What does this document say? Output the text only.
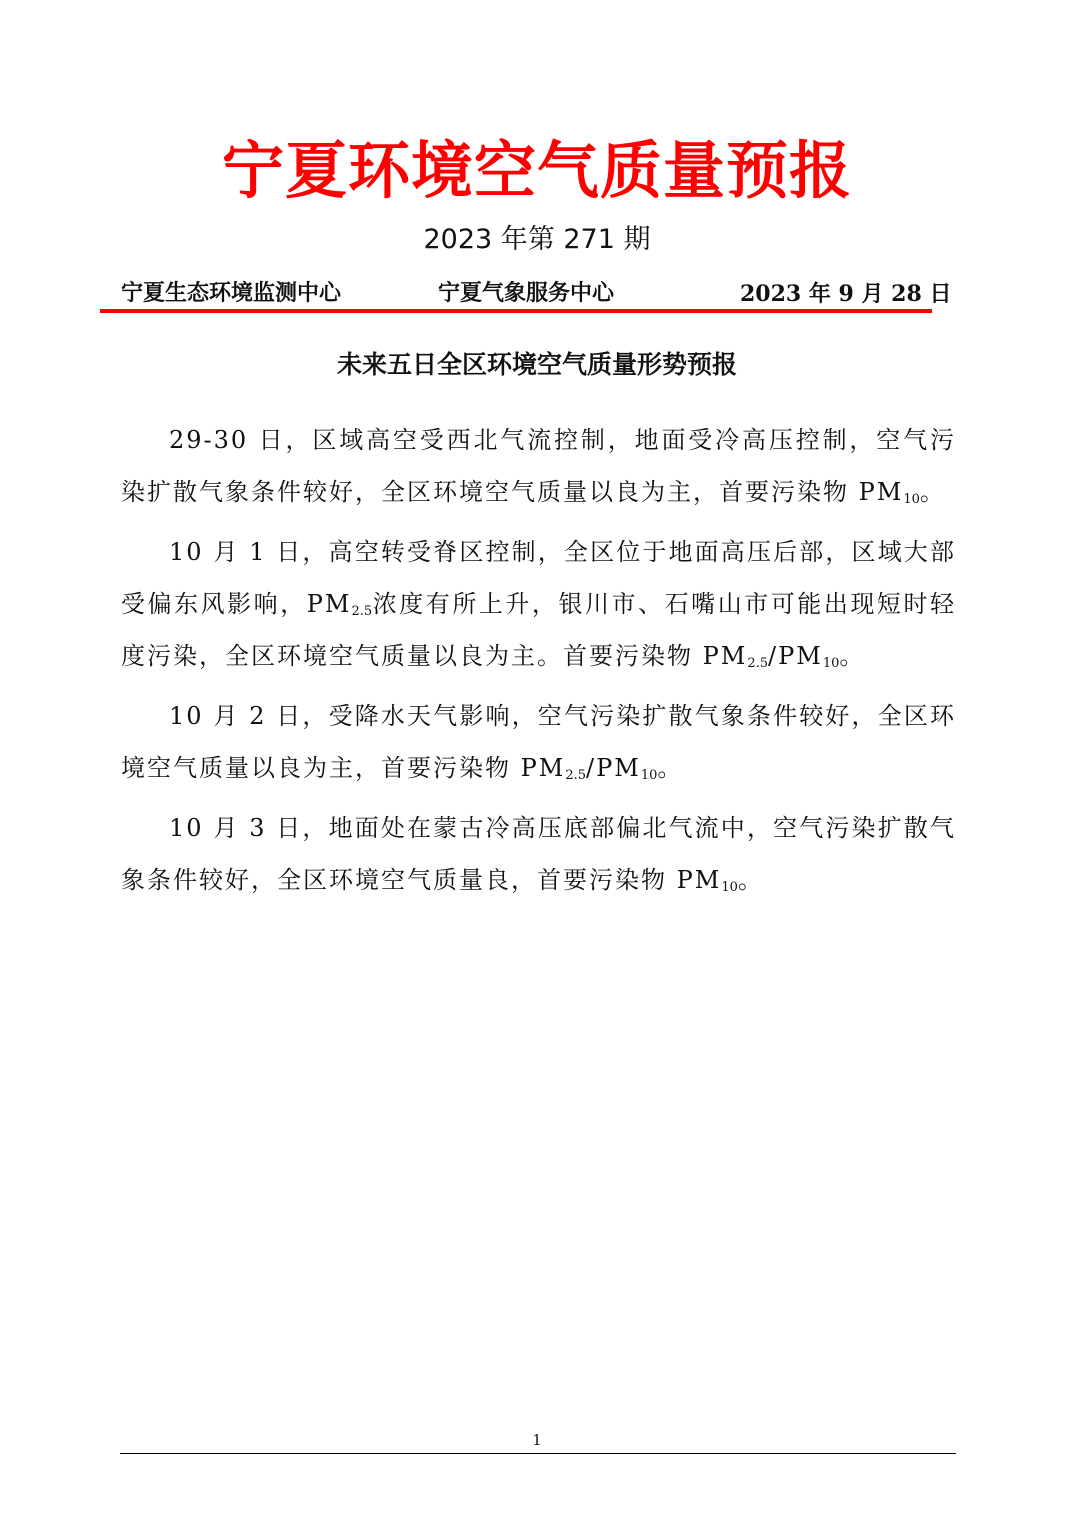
宁夏环境空气质量预报
2023 年第 271 期
宁夏生态环境监测中心	宁夏气象服务中心	2023 年 9 月 28 日
未来五日全区环境空气质量形势预报

29-30 日，区域高空受西北气流控制，地面受冷高压控制，空气污染扩散气象条件较好，全区环境空气质量以良为主，首要污染物 $PM_{10}$。

10 月 1 日，高空转受脊区控制，全区位于地面高压后部，区域大部受偏东风影响，$PM_{2.5}$浓度有所上升，银川市、石嘴山市可能出现短时轻度污染，全区环境空气质量以良为主。首要污染物 $PM_{2.5}/PM_{10}$。

10 月 2 日，受降水天气影响，空气污染扩散气象条件较好，全区环境空气质量以良为主，首要污染物 $PM_{2.5}/PM_{10}$。

10 月 3 日，地面处在蒙古冷高压底部偏北气流中，空气污染扩散气象条件较好，全区环境空气质量良，首要污染物 $PM_{10}$。

1
